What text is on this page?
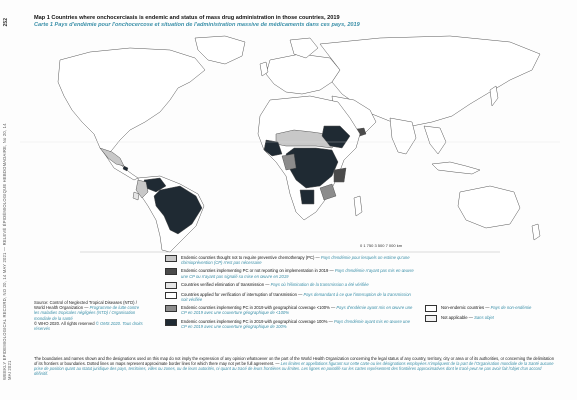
252
WEEKLY EPIDEMIOLOGICAL RECORD, NO 20, 14 MAY 2021 — RELEVÉ ÉPIDÉMIOLOGIQUE HEBDOMADAIRE, No 20, 14 MAI 2021
Map 1 Countries where onchocerciasis is endemic and status of mass drug administration in those countries, 2019
Carte 1 Pays d'endémie pour l'onchocercose et situation de l'administration massive de médicaments dans ces pays, 2019
0 1 750 3 500 7 000 km
Endemic countries thought not to require preventive chemotherapy (PC) — Pays d'endémie pour lesquels on estime qu'une chimioprévention (CP) n'est pas nécessaire
Endemic countries implementing PC or not reporting on implementation in 2019 — Pays d'endémie n'ayant pas mis en œuvre une CP ou n'ayant pas signalé sa mise en œuvre en 2019
Countries verified elimination of transmission — Pays où l'élimination de la transmission a été vérifiée
Countries applied for verification of interruption of transmission — Pays demandant à ce que l'interruption de la transmission soit vérifiée
Endemic countries implementing PC in 2019 with geographical coverage <100% — Pays d'endémie ayant mis en œuvre une CP en 2019 avec une couverture géographique de <100%
Endemic countries implementing PC in 2019 with geographical coverage 100% — Pays d'endémie ayant mis en œuvre une CP en 2019 avec une couverture géographique de 100%
Non-endemic countries — Pays de non-endémie
Not applicable — Sans objet
Source: Control of Neglected Tropical Diseases (NTD) / World Health Organization — Programme de lutte contre les maladies tropicales négligées (NTD) / Organisation mondiale de la santé
© WHO 2020. All rights reserved © OMS 2020. Tous droits réservés
The boundaries and names shown and the designations used on this map do not imply the expression of any opinion whatsoever on the part of the World Health Organization concerning the legal status of any country, territory, city or area or of its authorities, or concerning the delimitation of its frontiers or boundaries. Dotted lines on maps represent approximate border lines for which there may not yet be full agreement. — Les limites et appellations figurant sur cette carte ou les désignations employées n'impliquent de la part de l'Organisation mondiale de la Santé aucune prise de position quant au statut juridique des pays, territoires, villes ou zones, ou de leurs autorités, ni quant au tracé de leurs frontières ou limites. Les lignes en pointillé sur les cartes représentent des frontières approximatives dont le tracé peut ne pas avoir fait l'objet d'un accord définitif.
